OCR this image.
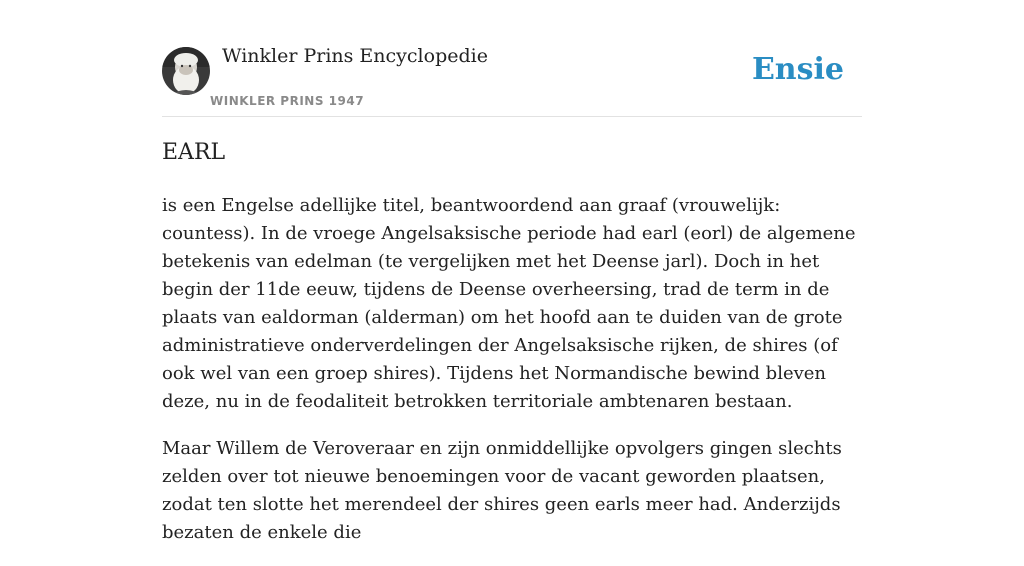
Winkler Prins Encyclopedie
WINKLER PRINS 1947
Ensie
EARL

is een Engelse adellijke titel, beantwoordend aan graaf (vrouwelijk: countess). In de vroege Angelsaksische periode had earl (eorl) de algemene betekenis van edelman (te vergelijken met het Deense jarl). Doch in het begin der 11de eeuw, tijdens de Deense overheersing, trad de term in de plaats van ealdorman (alderman) om het hoofd aan te duiden van de grote administratieve onderverdelingen der Angelsaksische rijken, de shires (of ook wel van een groep shires). Tijdens het Normandische bewind bleven deze, nu in de feodaliteit betrokken territoriale ambtenaren bestaan.

Maar Willem de Veroveraar en zijn onmiddellijke opvolgers gingen slechts zelden over tot nieuwe benoemingen voor de vacant geworden plaatsen, zodat ten slotte het merendeel der shires geen earls meer had. Anderzijds bezaten de enkele die
